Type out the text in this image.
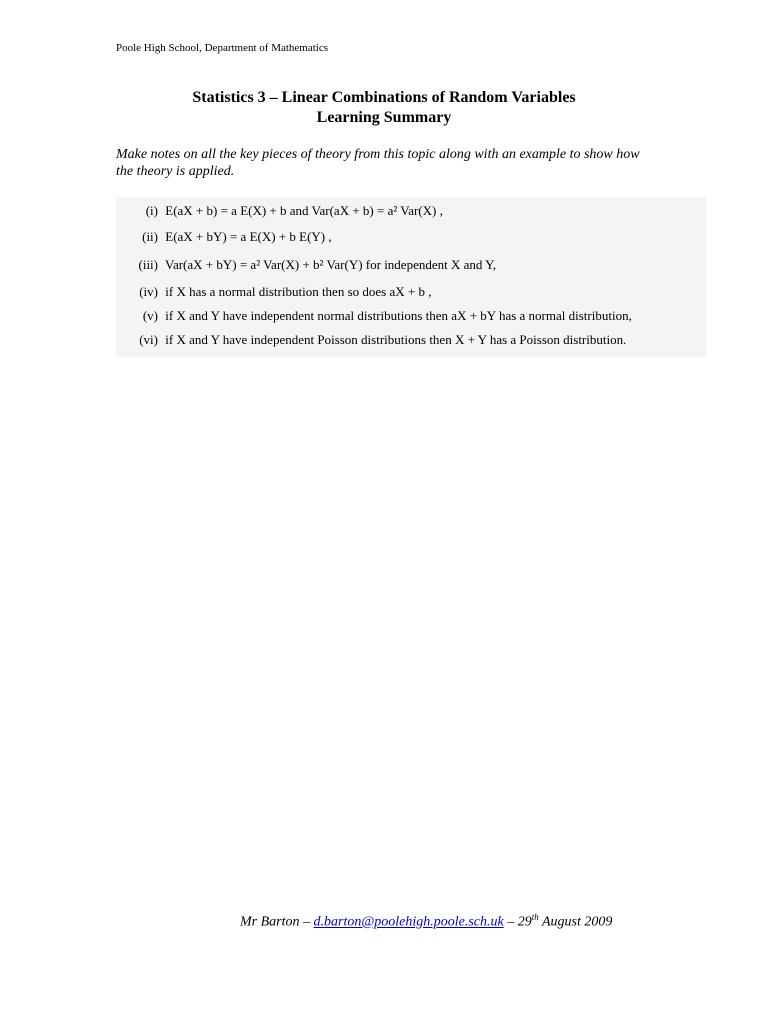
Poole High School, Department of Mathematics
Statistics 3 – Linear Combinations of Random Variables
Learning Summary
Make notes on all the key pieces of theory from this topic along with an example to show how the theory is applied.
(i) E(aX + b) = a E(X) + b and Var(aX + b) = a² Var(X) ,
(ii) E(aX + bY) = a E(X) + b E(Y) ,
(iii) Var(aX + bY) = a² Var(X) + b² Var(Y) for independent X and Y,
(iv) if X has a normal distribution then so does aX + b ,
(v) if X and Y have independent normal distributions then aX + bY has a normal distribution,
(vi) if X and Y have independent Poisson distributions then X + Y has a Poisson distribution.
Mr Barton – d.barton@poolehigh.poole.sch.uk – 29th August 2009
